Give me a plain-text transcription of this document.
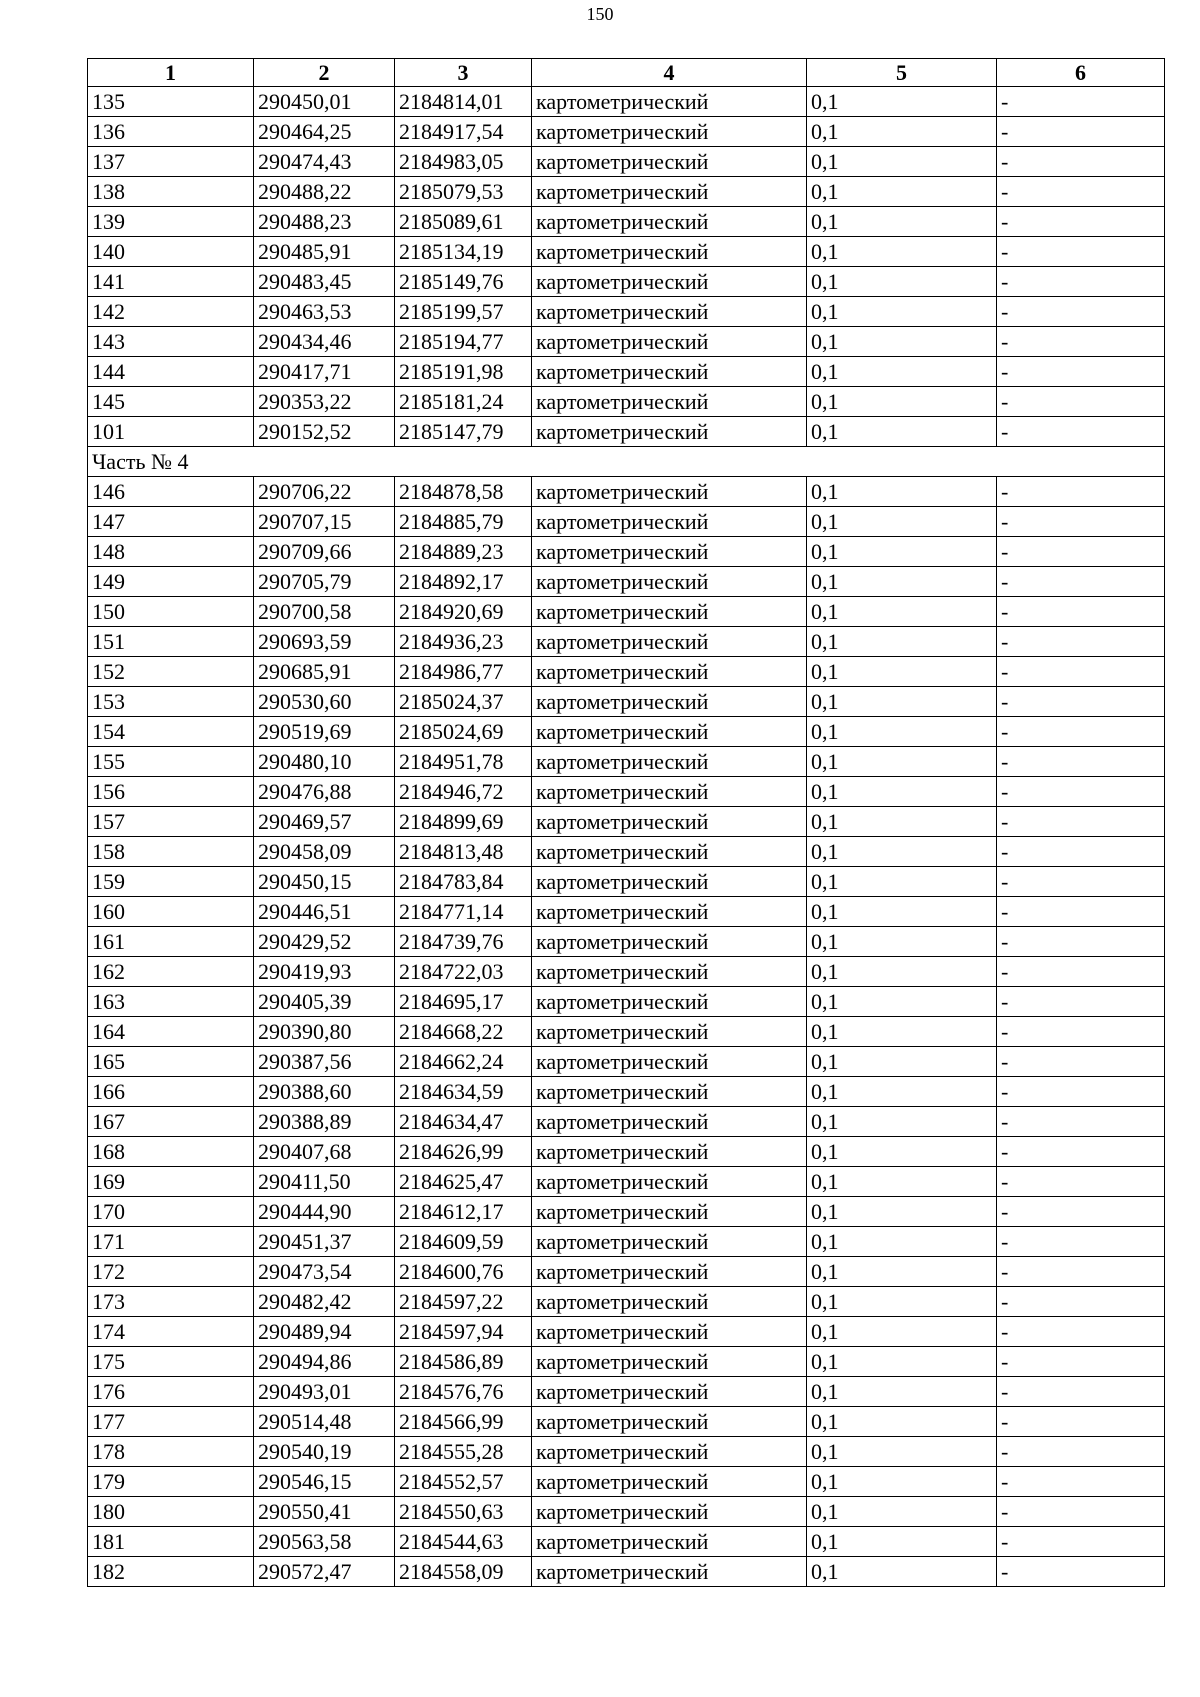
150
1	2	3	4	5	6
135	290450,01	2184814,01	картометрический	0,1	-
136	290464,25	2184917,54	картометрический	0,1	-
137	290474,43	2184983,05	картометрический	0,1	-
138	290488,22	2185079,53	картометрический	0,1	-
139	290488,23	2185089,61	картометрический	0,1	-
140	290485,91	2185134,19	картометрический	0,1	-
141	290483,45	2185149,76	картометрический	0,1	-
142	290463,53	2185199,57	картометрический	0,1	-
143	290434,46	2185194,77	картометрический	0,1	-
144	290417,71	2185191,98	картометрический	0,1	-
145	290353,22	2185181,24	картометрический	0,1	-
101	290152,52	2185147,79	картометрический	0,1	-
Часть № 4					
146	290706,22	2184878,58	картометрический	0,1	-
147	290707,15	2184885,79	картометрический	0,1	-
148	290709,66	2184889,23	картометрический	0,1	-
149	290705,79	2184892,17	картометрический	0,1	-
150	290700,58	2184920,69	картометрический	0,1	-
151	290693,59	2184936,23	картометрический	0,1	-
152	290685,91	2184986,77	картометрический	0,1	-
153	290530,60	2185024,37	картометрический	0,1	-
154	290519,69	2185024,69	картометрический	0,1	-
155	290480,10	2184951,78	картометрический	0,1	-
156	290476,88	2184946,72	картометрический	0,1	-
157	290469,57	2184899,69	картометрический	0,1	-
158	290458,09	2184813,48	картометрический	0,1	-
159	290450,15	2184783,84	картометрический	0,1	-
160	290446,51	2184771,14	картометрический	0,1	-
161	290429,52	2184739,76	картометрический	0,1	-
162	290419,93	2184722,03	картометрический	0,1	-
163	290405,39	2184695,17	картометрический	0,1	-
164	290390,80	2184668,22	картометрический	0,1	-
165	290387,56	2184662,24	картометрический	0,1	-
166	290388,60	2184634,59	картометрический	0,1	-
167	290388,89	2184634,47	картометрический	0,1	-
168	290407,68	2184626,99	картометрический	0,1	-
169	290411,50	2184625,47	картометрический	0,1	-
170	290444,90	2184612,17	картометрический	0,1	-
171	290451,37	2184609,59	картометрический	0,1	-
172	290473,54	2184600,76	картометрический	0,1	-
173	290482,42	2184597,22	картометрический	0,1	-
174	290489,94	2184597,94	картометрический	0,1	-
175	290494,86	2184586,89	картометрический	0,1	-
176	290493,01	2184576,76	картометрический	0,1	-
177	290514,48	2184566,99	картометрический	0,1	-
178	290540,19	2184555,28	картометрический	0,1	-
179	290546,15	2184552,57	картометрический	0,1	-
180	290550,41	2184550,63	картометрический	0,1	-
181	290563,58	2184544,63	картометрический	0,1	-
182	290572,47	2184558,09	картометрический	0,1	-
